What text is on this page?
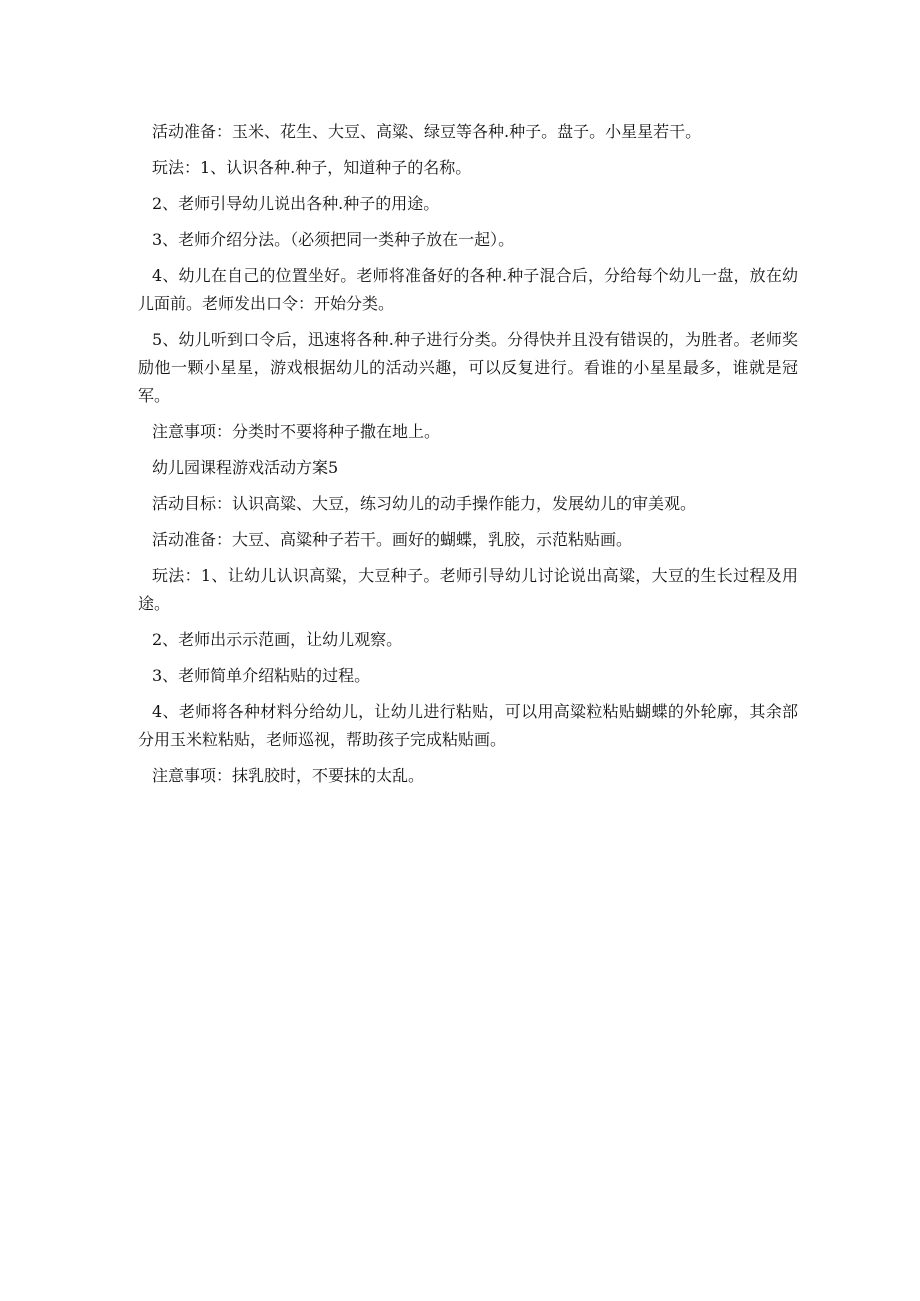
活动准备：玉米、花生、大豆、高粱、绿豆等各种.种子。盘子。小星星若干。

玩法：1、认识各种.种子，知道种子的名称。

2、老师引导幼儿说出各种.种子的用途。

3、老师介绍分法。（必须把同一类种子放在一起）。

4、幼儿在自己的位置坐好。老师将准备好的各种.种子混合后，分给每个幼儿一盘，放在幼儿面前。老师发出口令：开始分类。

5、幼儿听到口令后，迅速将各种.种子进行分类。分得快并且没有错误的，为胜者。老师奖励他一颗小星星，游戏根据幼儿的活动兴趣，可以反复进行。看谁的小星星最多，谁就是冠军。

注意事项：分类时不要将种子撒在地上。

幼儿园课程游戏活动方案5

活动目标：认识高粱、大豆，练习幼儿的动手操作能力，发展幼儿的审美观。

活动准备：大豆、高粱种子若干。画好的蝴蝶，乳胶，示范粘贴画。

玩法：1、让幼儿认识高粱，大豆种子。老师引导幼儿讨论说出高粱，大豆的生长过程及用途。

2、老师出示示范画，让幼儿观察。

3、老师简单介绍粘贴的过程。

4、老师将各种材料分给幼儿，让幼儿进行粘贴，可以用高粱粒粘贴蝴蝶的外轮廓，其余部分用玉米粒粘贴，老师巡视，帮助孩子完成粘贴画。

注意事项：抹乳胶时，不要抹的太乱。
